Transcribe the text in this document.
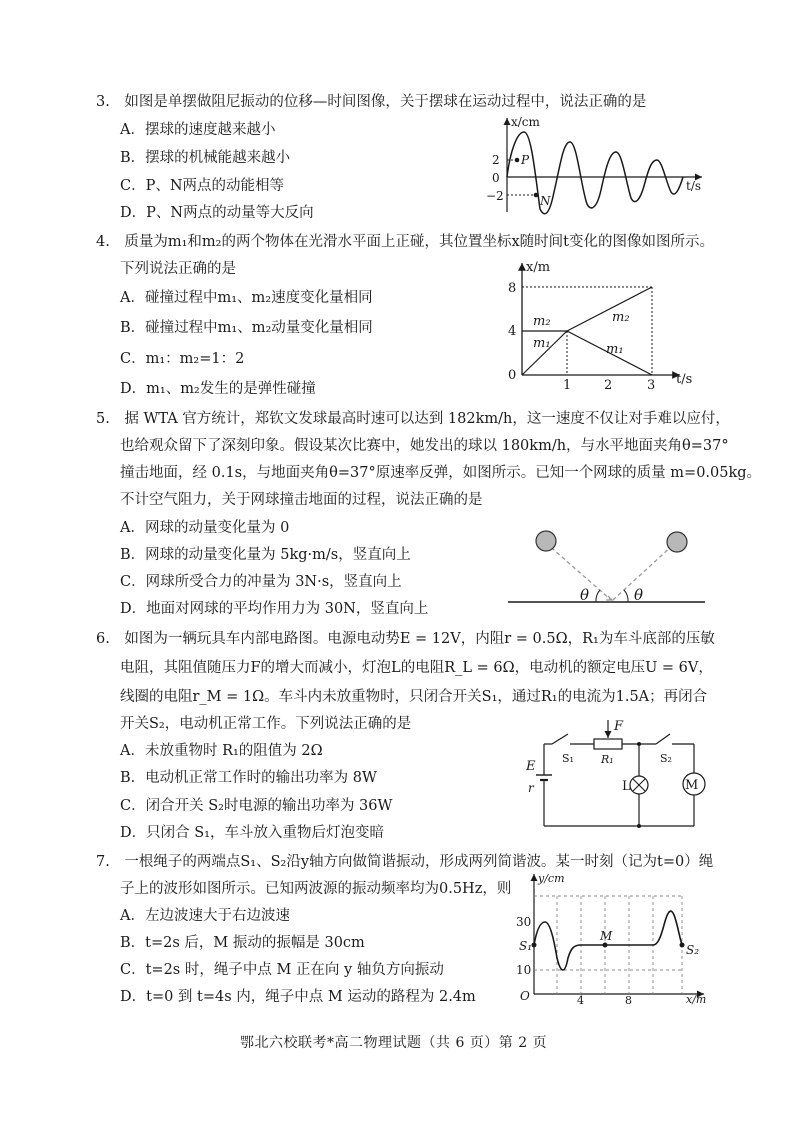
3.　如图是单摆做阻尼振动的位移—时间图像，关于摆球在运动过程中，说法正确的是
A．摆球的速度越来越小
B．摆球的机械能越来越小
C．P、N两点的动能相等
D．P、N两点的动量等大反向
x/cm
t/s
2
0
−2
P
N
4.　质量为m₁和m₂的两个物体在光滑水平面上正碰，其位置坐标x随时间t变化的图像如图所示。
下列说法正确的是
A．碰撞过程中m₁、m₂速度变化量相同
B．碰撞过程中m₁、m₂动量变化量相同
C．m₁：m₂=1：2
D．m₁、m₂发生的是弹性碰撞
x/m
t/s
8
4
0
1	2	3
m₂
m₁
m₂
m₁
5.　据 WTA 官方统计，郑钦文发球最高时速可以达到 182km/h，这一速度不仅让对手难以应付，
也给观众留下了深刻印象。假设某次比赛中，她发出的球以 180km/h，与水平地面夹角θ=37°
撞击地面，经 0.1s，与地面夹角θ=37°原速率反弹，如图所示。已知一个网球的质量 m=0.05kg。
不计空气阻力，关于网球撞击地面的过程，说法正确的是
A．网球的动量变化量为 0
B．网球的动量变化量为 5kg·m/s，竖直向上
C．网球所受合力的冲量为 3N·s，竖直向上
D．地面对网球的平均作用力为 30N，竖直向上
θ	θ
6.　如图为一辆玩具车内部电路图。电源电动势E = 12V，内阻r = 0.5Ω，R₁为车斗底部的压敏
电阻，其阻值随压力F的增大而减小，灯泡L的电阻R_L = 6Ω，电动机的额定电压U = 6V，
线圈的电阻r_M = 1Ω。车斗内未放重物时，只闭合开关S₁，通过R₁的电流为1.5A；再闭合
开关S₂，电动机正常工作。下列说法正确的是
A．未放重物时 R₁的阻值为 2Ω
B．电动机正常工作时的输出功率为 8W
C．闭合开关 S₂时电源的输出功率为 36W
D．只闭合 S₁，车斗放入重物后灯泡变暗
M
F
S₁ R₁	S₂
E
r	L
7.　一根绳子的两端点S₁、S₂沿y轴方向做简谐振动，形成两列简谐波。某一时刻（记为t=0）绳
子上的波形如图所示。已知两波源的振动频率均为0.5Hz，则
A．左边波速大于右边波速
B．t=2s 后，M 振动的振幅是 30cm
C．t=2s 时，绳子中点 M 正在向 y 轴负方向振动
D．t=0 到 t=4s 内，绳子中点 M 运动的路程为 2.4m
y/cm
x/m
30
10
O	4	8
S₁	S₂
M
鄂北六校联考*高二物理试题（共 6 页）第 2 页
